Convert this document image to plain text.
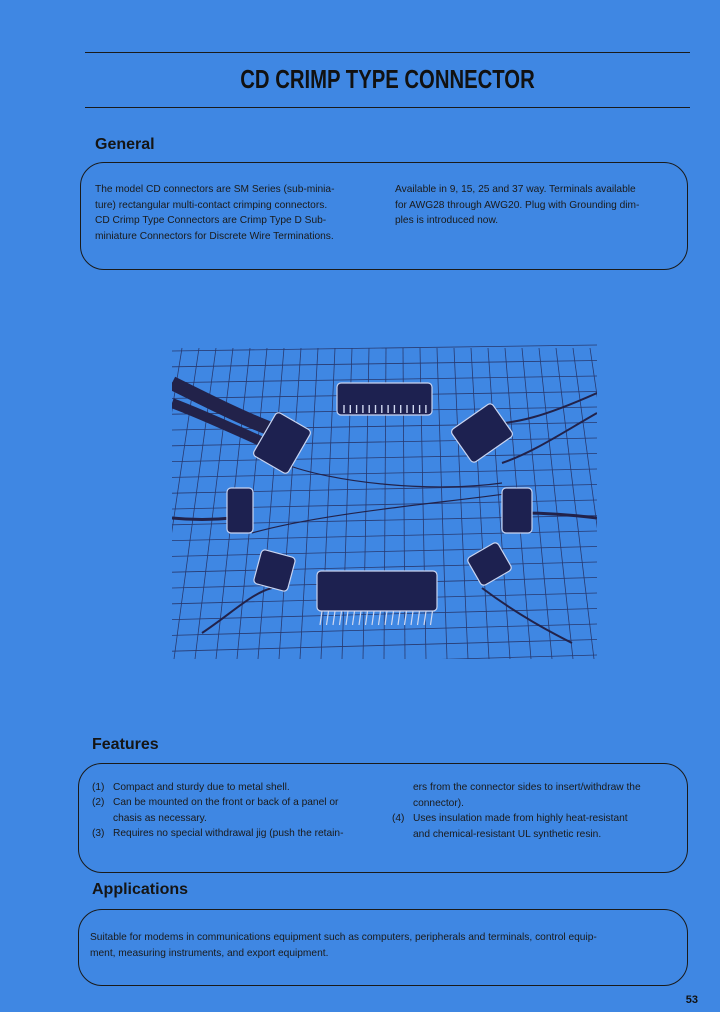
CD CRIMP TYPE CONNECTOR
General
The model CD connectors are SM Series (sub-minia-
ture) rectangular multi-contact crimping connectors.
CD Crimp Type Connectors are Crimp Type D Sub-
miniature Connectors for Discrete Wire Terminations.
Available in 9, 15, 25 and 37 way. Terminals available
for AWG28 through AWG20. Plug with Grounding dim-
ples is introduced now.
Features
(1) Compact and sturdy due to metal shell.
(2) Can be mounted on the front or back of a panel or
chasis as necessary.
(3) Requires no special withdrawal jig (push the retain-
ers from the connector sides to insert/withdraw the
connector).
(4) Uses insulation made from highly heat-resistant
and chemical-resistant UL synthetic resin.
Applications
Suitable for modems in communications equipment such as computers, peripherals and terminals, control equip-
ment, measuring instruments, and export equipment.
53
